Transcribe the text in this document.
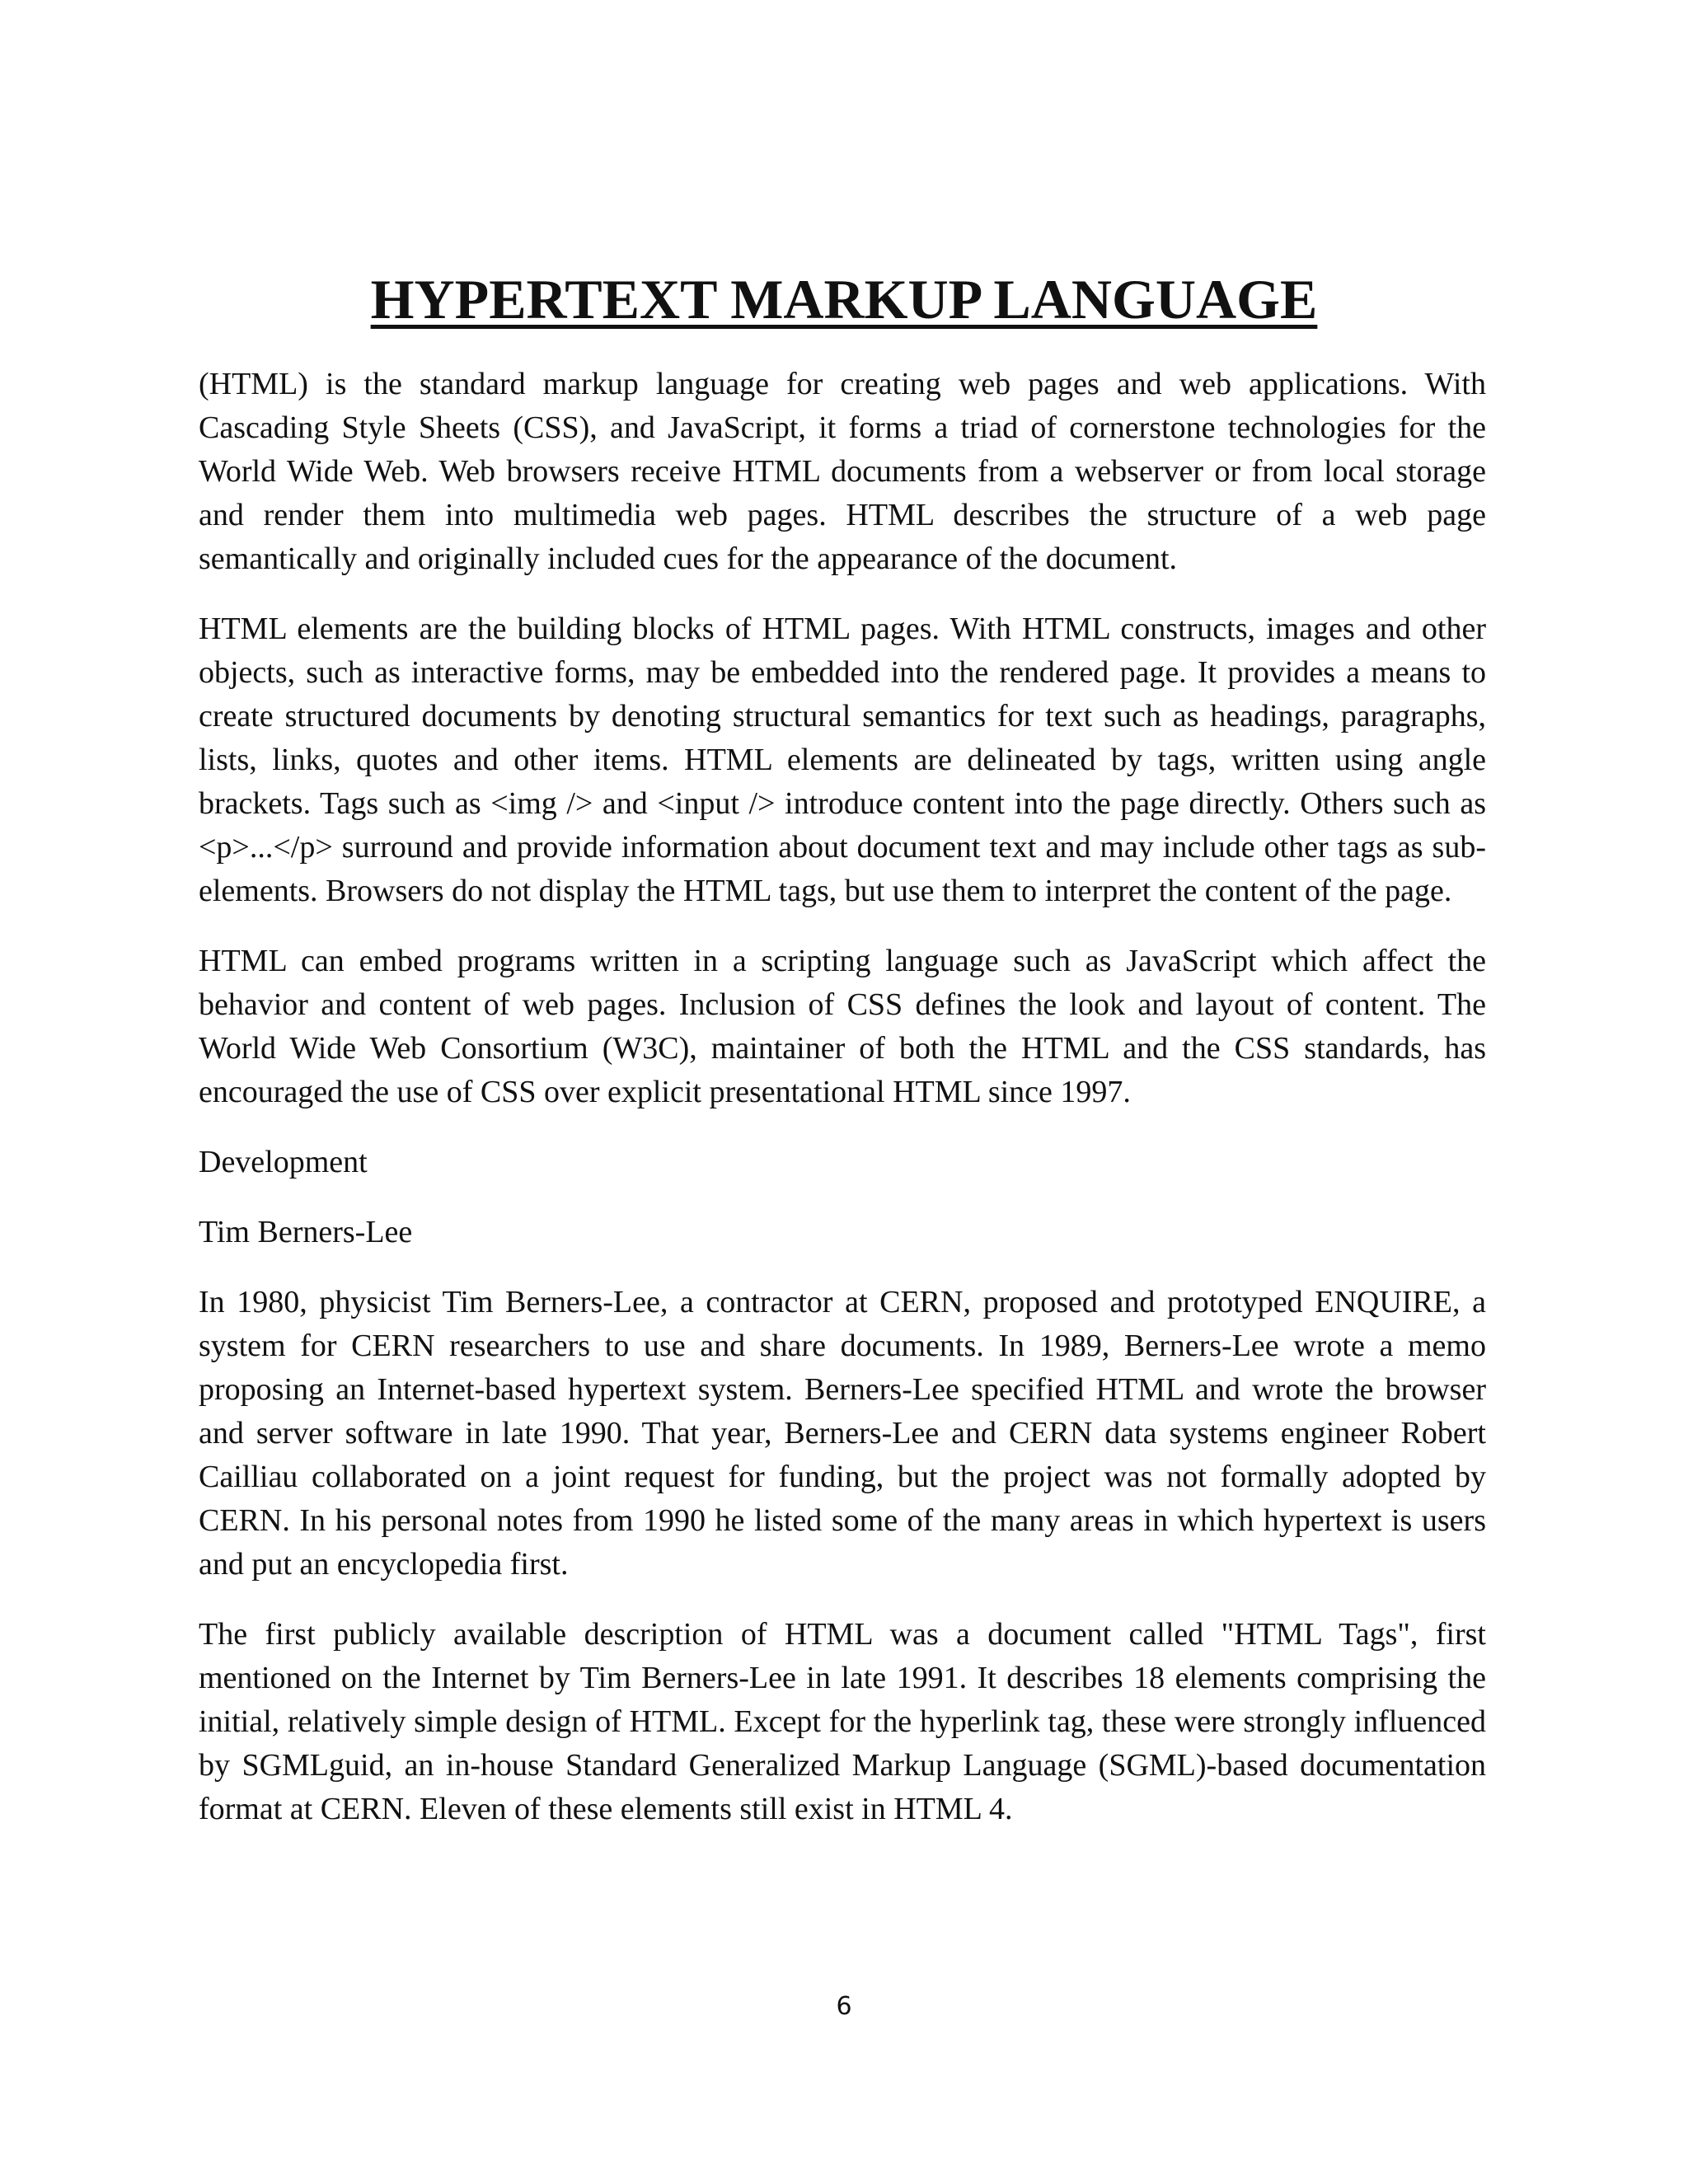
HYPERTEXT MARKUP LANGUAGE

(HTML) is the standard markup language for creating web pages and web applications. With Cascading Style Sheets (CSS), and JavaScript, it forms a triad of cornerstone technologies for the World Wide Web. Web browsers receive HTML documents from a webserver or from local storage and render them into multimedia web pages. HTML describes the structure of a web page semantically and originally included cues for the appearance of the document.

HTML elements are the building blocks of HTML pages. With HTML constructs, images and other objects, such as interactive forms, may be embedded into the rendered page. It provides a means to create structured documents by denoting structural semantics for text such as headings, paragraphs, lists, links, quotes and other items. HTML elements are delineated by tags, written using angle brackets. Tags such as <img /> and <input /> introduce content into the page directly. Others such as <p>...</p> surround and provide information about document text and may include other tags as sub-elements. Browsers do not display the HTML tags, but use them to interpret the content of the page.

HTML can embed programs written in a scripting language such as JavaScript which affect the behavior and content of web pages. Inclusion of CSS defines the look and layout of content. The World Wide Web Consortium (W3C), maintainer of both the HTML and the CSS standards, has encouraged the use of CSS over explicit presentational HTML since 1997.

Development

Tim Berners-Lee

In 1980, physicist Tim Berners-Lee, a contractor at CERN, proposed and prototyped ENQUIRE, a system for CERN researchers to use and share documents. In 1989, Berners-Lee wrote a memo proposing an Internet-based hypertext system. Berners-Lee specified HTML and wrote the browser and server software in late 1990. That year, Berners-Lee and CERN data systems engineer Robert Cailliau collaborated on a joint request for funding, but the project was not formally adopted by CERN. In his personal notes from 1990 he listed some of the many areas in which hypertext is users and put an encyclopedia first.

The first publicly available description of HTML was a document called "HTML Tags", first mentioned on the Internet by Tim Berners-Lee in late 1991. It describes 18 elements comprising the initial, relatively simple design of HTML. Except for the hyperlink tag, these were strongly influenced by SGMLguid, an in-house Standard Generalized Markup Language (SGML)-based documentation format at CERN. Eleven of these elements still exist in HTML 4.

6
